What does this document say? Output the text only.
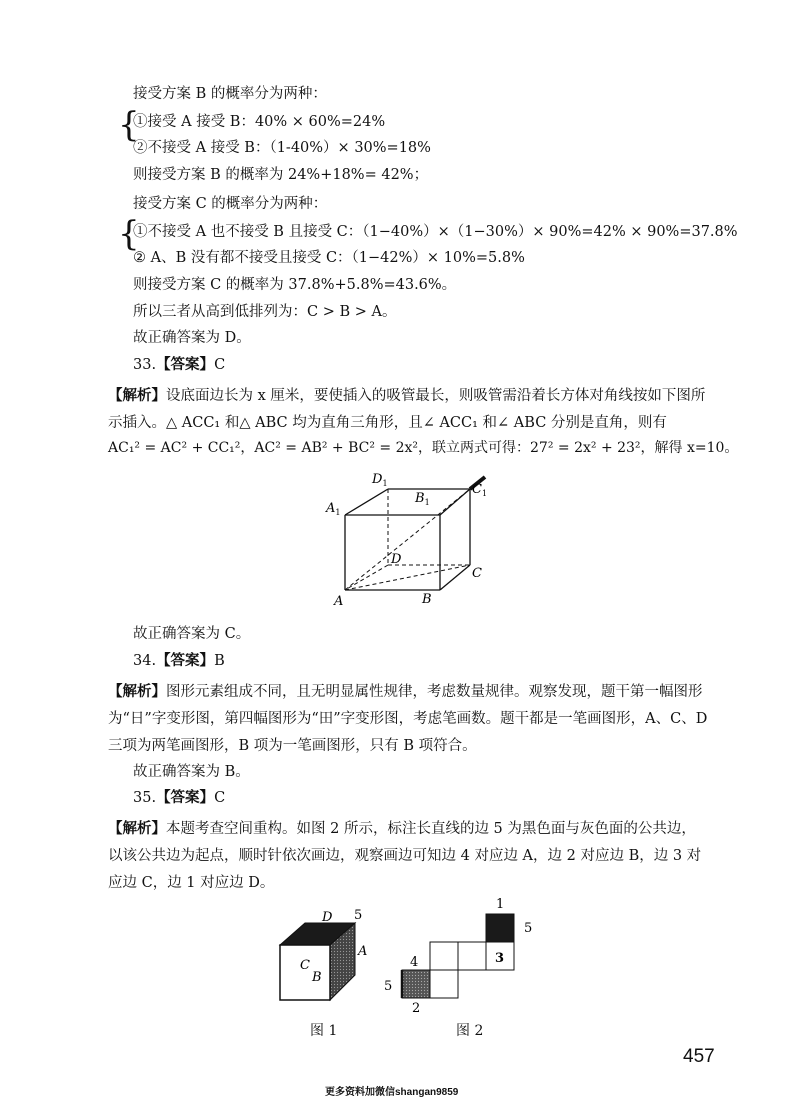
接受方案 B 的概率分为两种：
{
①接受 A 接受 B：40% × 60%=24%
②不接受 A 接受 B：（1-40%）× 30%=18%
则接受方案 B 的概率为 24%+18%= 42%；
接受方案 C 的概率分为两种：
{
①不接受 A 也不接受 B 且接受 C：（1−40%）×（1−30%）× 90%=42% × 90%=37.8%
② A、B 没有都不接受且接受 C：（1−42%）× 10%=5.8%
则接受方案 C 的概率为 37.8%+5.8%=43.6%。
所以三者从高到低排列为：C > B > A。
故正确答案为 D。
33.【答案】C
【解析】设底面边长为 x 厘米，要使插入的吸管最长，则吸管需沿着长方体对角线按如下图所示插入。△ ACC₁ 和△ ABC 均为直角三角形，且∠ ACC₁ 和∠ ABC 分别是直角，则有
AC₁² = AC² + CC₁²，AC² = AB² + BC² = 2x²，联立两式可得：27² = 2x² + 23²，解得 x=10。
$D_1$
$B_1$
$C_1$
$A_1$
D
C
A	B
故正确答案为 C。
34.【答案】B
【解析】图形元素组成不同，且无明显属性规律，考虑数量规律。观察发现，题干第一幅图形为“日”字变形图，第四幅图形为“田”字变形图，考虑笔画数。题干都是一笔画图形，A、C、D 三项为两笔画图形，B 项为一笔画图形，只有 B 项符合。
故正确答案为 B。
35.【答案】C
【解析】本题考查空间重构。如图 2 所示，标注长直线的边 5 为黑色面与灰色面的公共边，以该公共边为起点，顺时针依次画边，观察画边可知边 4 对应边 A，边 2 对应边 B，边 3 对应边 C，边 1 对应边 D。
D 5
A
C
B
1
5
3
4
5
2
图 1	图 2
457
更多资料加微信shangan9859
